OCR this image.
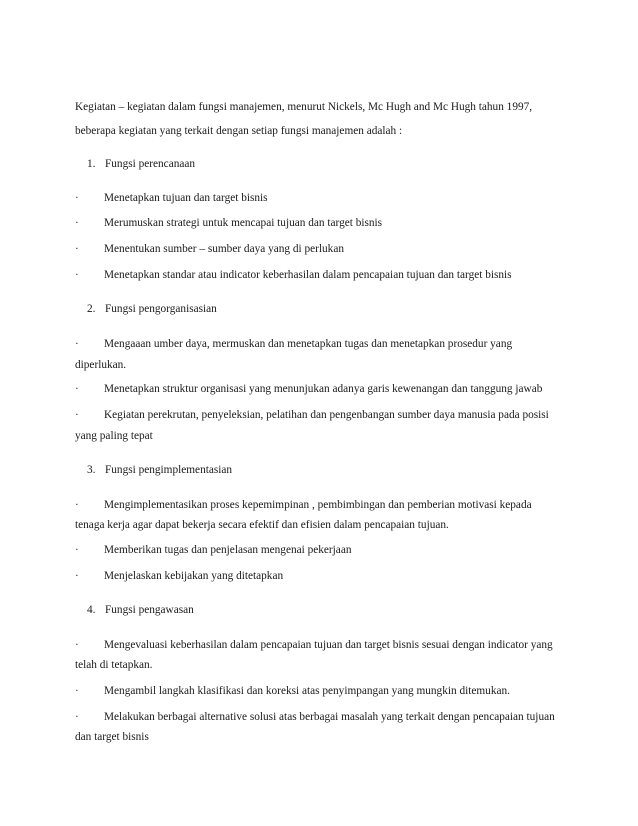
Kegiatan – kegiatan dalam fungsi manajemen, menurut Nickels, Mc Hugh and Mc Hugh tahun 1997,
beberapa kegiatan yang terkait dengan setiap fungsi manajemen adalah :
1. Fungsi perencanaan
· Menetapkan tujuan dan target bisnis
· Merumuskan strategi untuk mencapai tujuan dan target bisnis
· Menentukan sumber – sumber daya yang di perlukan
· Menetapkan standar atau indicator keberhasilan dalam pencapaian tujuan dan target bisnis
2. Fungsi pengorganisasian
· Mengaaan umber daya, mermuskan dan menetapkan tugas dan menetapkan prosedur yang
diperlukan.
· Menetapkan struktur organisasi yang menunjukan adanya garis kewenangan dan tanggung jawab
· Kegiatan perekrutan, penyeleksian, pelatihan dan pengenbangan sumber daya manusia pada posisi
yang paling tepat
3. Fungsi pengimplementasian
· Mengimplementasikan proses kepemimpinan , pembimbingan dan pemberian motivasi kepada
tenaga kerja agar dapat bekerja secara efektif dan efisien dalam pencapaian tujuan.
· Memberikan tugas dan penjelasan mengenai pekerjaan
· Menjelaskan kebijakan yang ditetapkan
4. Fungsi pengawasan
· Mengevaluasi keberhasilan dalam pencapaian tujuan dan target bisnis sesuai dengan indicator yang
telah di tetapkan.
· Mengambil langkah klasifikasi dan koreksi atas penyimpangan yang mungkin ditemukan.
· Melakukan berbagai alternative solusi atas berbagai masalah yang terkait dengan pencapaian tujuan
dan target bisnis
